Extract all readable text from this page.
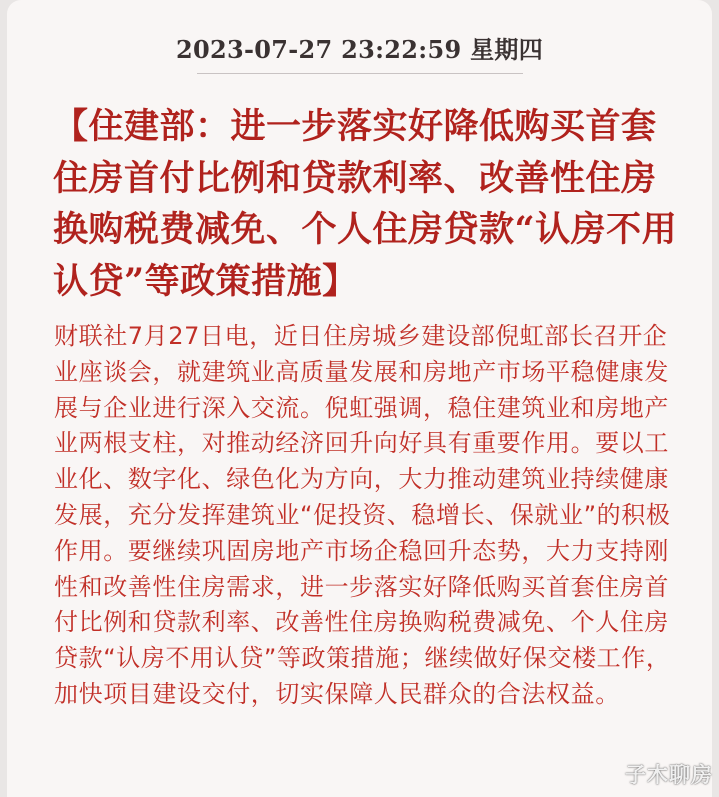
2023-07-27 23:22:59 星期四

【住建部：进一步落实好降低购买首套住房首付比例和贷款利率、改善性住房换购税费减免、个人住房贷款“认房不用认贷”等政策措施】

财联社7月27日电，近日住房城乡建设部倪虹部长召开企业座谈会，就建筑业高质量发展和房地产市场平稳健康发展与企业进行深入交流。倪虹强调，稳住建筑业和房地产业两根支柱，对推动经济回升向好具有重要作用。要以工业化、数字化、绿色化为方向，大力推动建筑业持续健康发展，充分发挥建筑业“促投资、稳增长、保就业”的积极作用。要继续巩固房地产市场企稳回升态势，大力支持刚性和改善性住房需求，进一步落实好降低购买首套住房首付比例和贷款利率、改善性住房换购税费减免、个人住房贷款“认房不用认贷”等政策措施；继续做好保交楼工作，加快项目建设交付，切实保障人民群众的合法权益。

子木聊房
